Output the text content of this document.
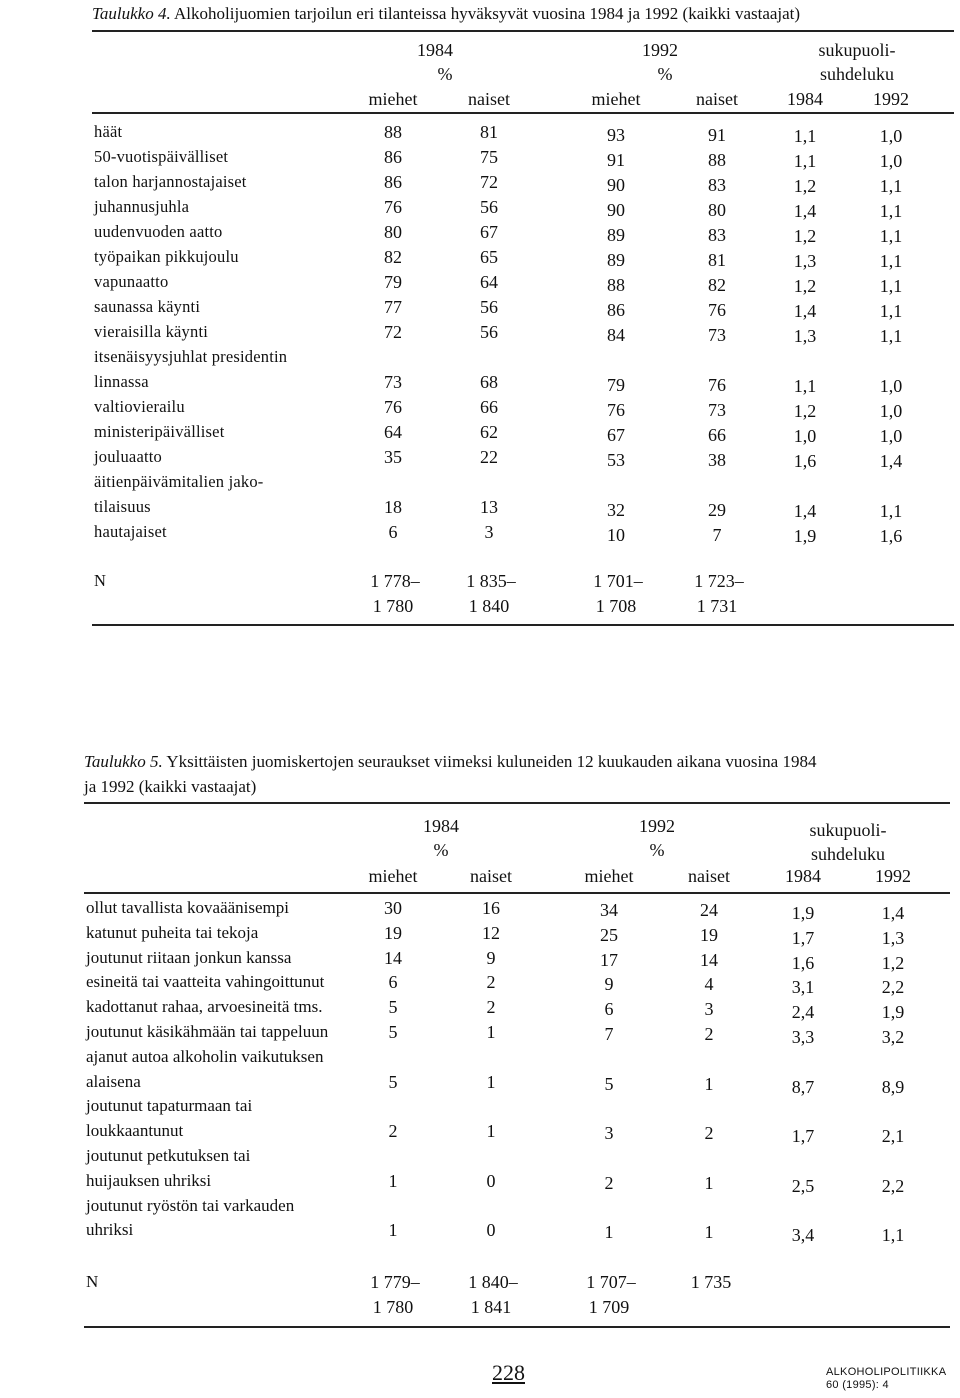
Taulukko 4. Alkoholijuomien tarjoilun eri tilanteissa hyväksyvät vuosina 1984 ja 1992 (kaikki vastaajat)
1984
%
1992
%
sukupuoli-
suhdeluku
miehet	naiset	miehet	naiset	1984	1992
häät	88	81	93	91	1,1	1,0
50-vuotispäivälliset	86	75	91	88	1,1	1,0
talon harjannostajaiset	86	72	90	83	1,2	1,1
juhannusjuhla	76	56	90	80	1,4	1,1
uudenvuoden aatto	80	67	89	83	1,2	1,1
työpaikan pikkujoulu	82	65	89	81	1,3	1,1
vapunaatto	79	64	88	82	1,2	1,1
saunassa käynti	77	56	86	76	1,4	1,1
vieraisilla käynti	72	56	84	73	1,3	1,1
itsenäisyysjuhlat presidentin
linnassa	73	68	79	76	1,1	1,0
valtiovierailu	76	66	76	73	1,2	1,0
ministeripäivälliset	64	62	67	66	1,0	1,0
jouluaatto	35	22	53	38	1,6	1,4
äitienpäivämitalien jako-
tilaisuus	18	13	32	29	1,4	1,1
hautajaiset	6	3	10	7	1,9	1,6
N	1 778–	1 835–	1 701–	1 723–
1 780	1 840	1 708	1 731
Taulukko 5. Yksittäisten juomiskertojen seuraukset viimeksi kuluneiden 12 kuukauden aikana vuosina 1984
ja 1992 (kaikki vastaajat)
1984
%
1992
%
sukupuoli-
suhdeluku
miehet	naiset	miehet	naiset	1984	1992
ollut tavallista kovaäänisempi	30	16	34	24	1,9	1,4
katunut puheita tai tekoja	19	12	25	19	1,7	1,3
joutunut riitaan jonkun kanssa	14	9	17	14	1,6	1,2
esineitä tai vaatteita vahingoittunut	6	2	9	4	3,1	2,2
kadottanut rahaa, arvoesineitä tms.	5	2	6	3	2,4	1,9
joutunut käsikähmään tai tappeluun	5	1	7	2	3,3	3,2
ajanut autoa alkoholin vaikutuksen
alaisena	5	1	5	1	8,7	8,9
joutunut tapaturmaan tai
loukkaantunut	2	1	3	2	1,7	2,1
joutunut petkutuksen tai
huijauksen uhriksi	1	0	2	1	2,5	2,2
joutunut ryöstön tai varkauden
uhriksi	1	0	1	1	3,4	1,1
N	1 779–	1 840–	1 707–	1 735
1 780	1 841	1 709
228	ALKOHOLIPOLITIIKKA
60 (1995): 4
